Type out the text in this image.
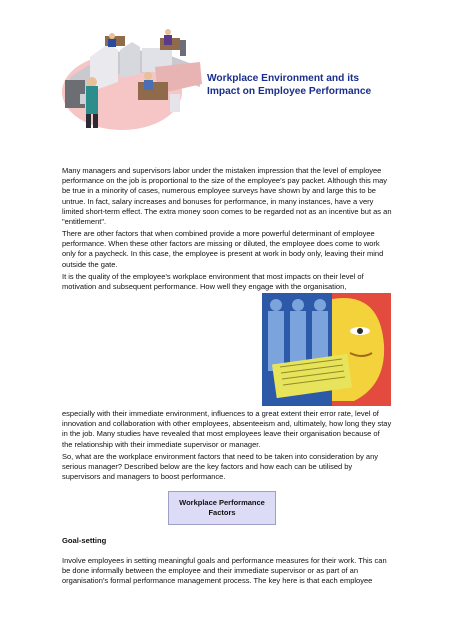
Workplace Environment and its
Impact on Employee Performance

Many managers and supervisors labor under the mistaken impression that the level of employee performance on the job is proportional to the size of the employee’s pay packet. Although this may be true in a minority of cases, numerous employee surveys have shown by and large this to be untrue. In fact, salary increases and bonuses for performance, in many instances, have a very limited short-term effect. The extra money soon comes to be regarded not as an incentive but as an "entitlement".

There are other factors that when combined provide a more powerful determinant of employee performance. When these other factors are missing or diluted, the employee does come to work only for a paycheck. In this case, the employee is present at work in body only, leaving their mind outside the gate.

It is the quality of the employee’s workplace environment that most impacts on their level of motivation and subsequent performance. How well they engage with the organisation,

especially with their immediate environment, influences to a great extent their error rate, level of innovation and collaboration with other employees, absenteeism and, ultimately, how long they stay in the job. Many studies have revealed that most employees leave their organisation because of the relationship with their immediate supervisor or manager.

So, what are the workplace environment factors that need to be taken into consideration by any serious manager? Described below are the key factors and how each can be utilised by supervisors and managers to boost performance.

Workplace Performance
Factors
Goal-setting

Involve employees in setting meaningful goals and performance measures for their work. This can be done informally between the employee and their immediate supervisor or as part of an organisation’s formal performance management process. The key here is that each employee
